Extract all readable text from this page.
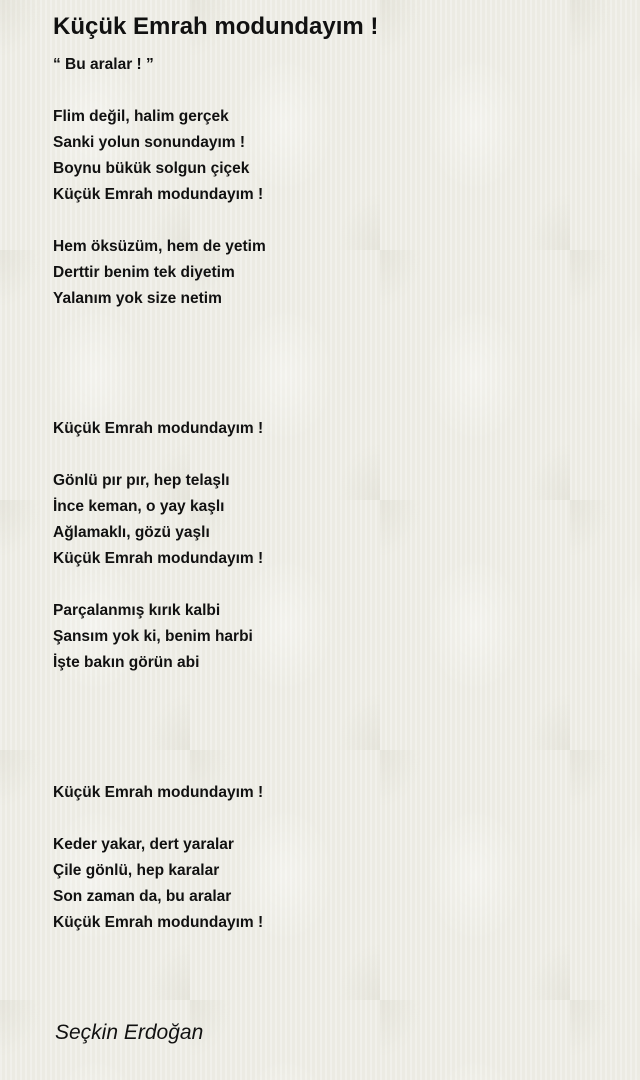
Küçük Emrah modundayım !
“ Bu aralar ! ”
Flim değil, halim gerçek
Sanki yolun sonundayım !
Boynu bükük solgun çiçek
Küçük Emrah modundayım !
Hem öksüzüm, hem de yetim
Derttir benim tek diyetim
Yalanım yok size netim
Küçük Emrah modundayım !
Gönlü pır pır, hep telaşlı
İnce keman, o yay kaşlı
Ağlamaklı, gözü yaşlı
Küçük Emrah modundayım !
Parçalanmış kırık kalbi
Şansım yok ki, benim harbi
İşte bakın görün abi
Küçük Emrah modundayım !
Keder yakar, dert yaralar
Çile gönlü, hep karalar
Son zaman da, bu aralar
Küçük Emrah modundayım !
Seçkin Erdoğan
